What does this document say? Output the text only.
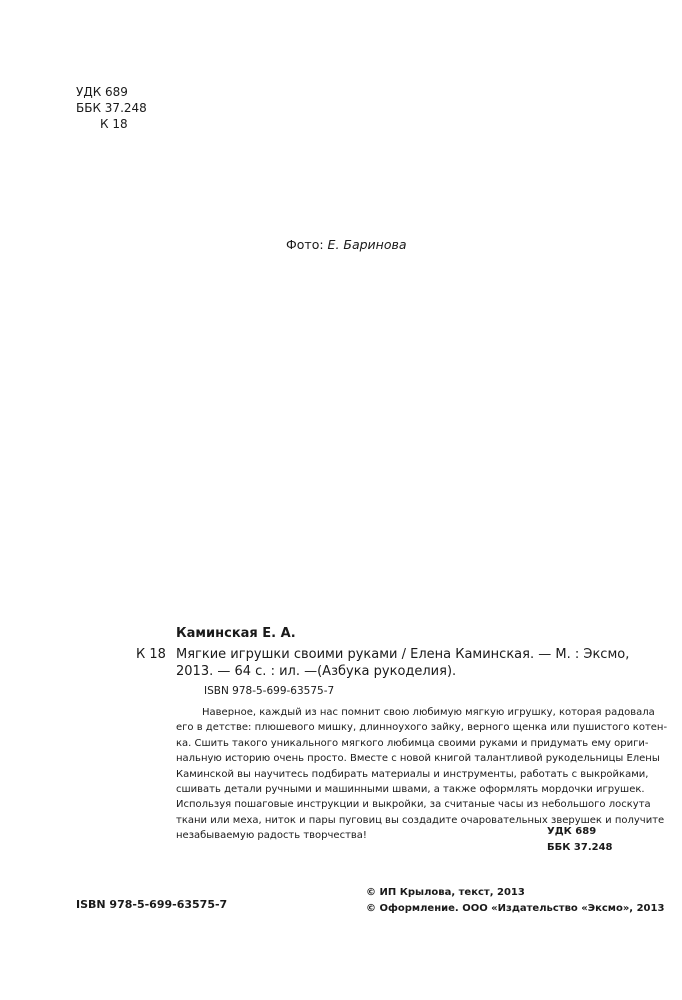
УДК 689
ББК 37.248
К 18
Фото: Е. Баринова
Каминская Е. А.
К 18 Мягкие игрушки своими руками / Елена Каминская. — М. : Эксмо,
2013. — 64 с. : ил. —(Азбука рукоделия).
ISBN 978-5-699-63575-7

Наверное, каждый из нас помнит свою любимую мягкую игрушку, которая радовала

его в детстве: плюшевого мишку, длинноухого зайку, верного щенка или пушистого котен-

ка. Сшить такого уникального мягкого любимца своими руками и придумать ему ориги-

нальную историю очень просто. Вместе с новой книгой талантливой рукодельницы Елены

Каминской вы научитесь подбирать материалы и инструменты, работать с выкройками,

сшивать детали ручными и машинными швами, а также оформлять мордочки игрушек.

Используя пошаговые инструкции и выкройки, за считаные часы из небольшого лоскута

ткани или меха, ниток и пары пуговиц вы создадите очаровательных зверушек и получите

незабываемую радость творчества!	УДК 689
ББК 37.248
ISBN 978-5-699-63575-7
© ИП Крылова, текст, 2013
© Оформление. ООО «Издательство «Эксмо», 2013
